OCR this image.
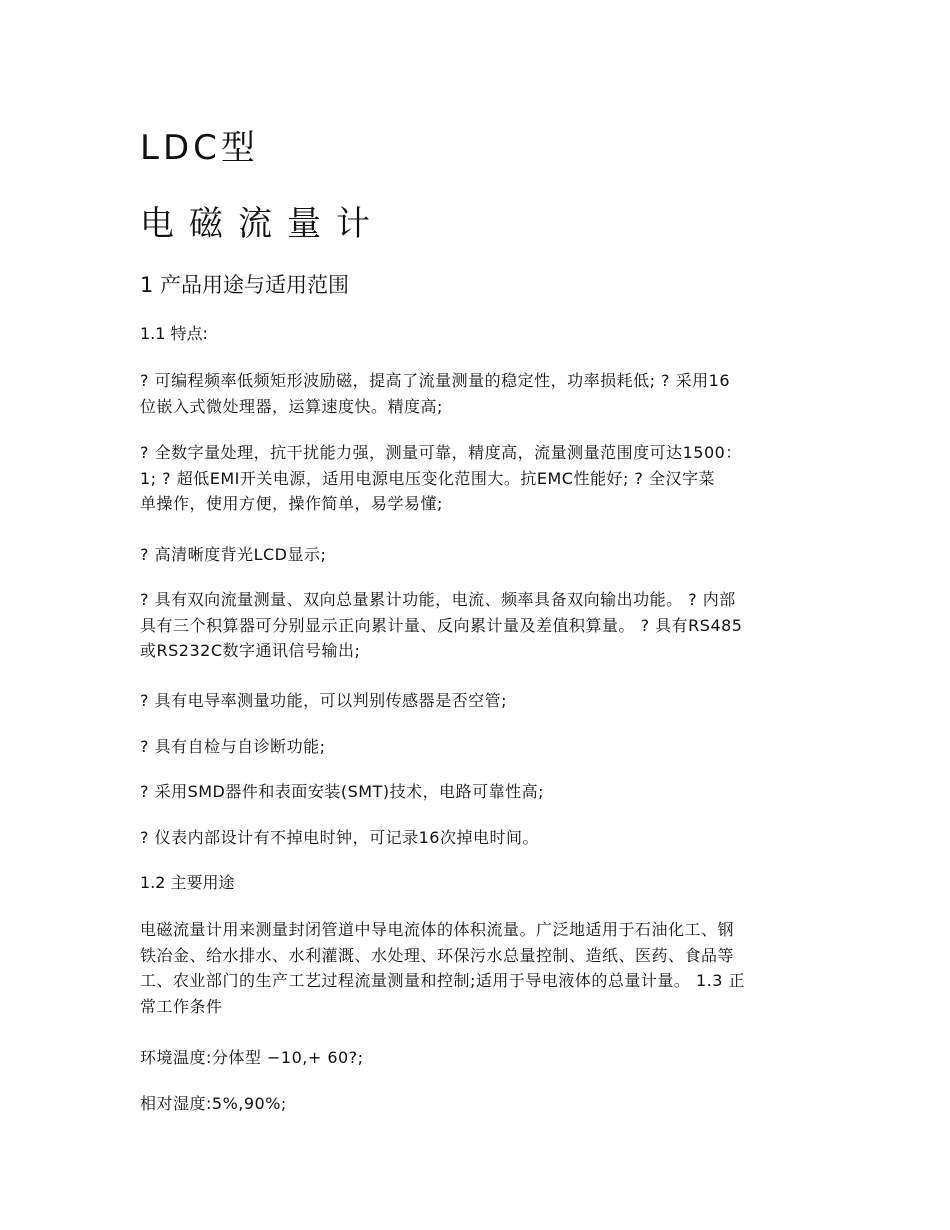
LDC型
电磁流量计
1 产品用途与适用范围
1.1 特点:
? 可编程频率低频矩形波励磁，提高了流量测量的稳定性，功率损耗低; ? 采用16
位嵌入式微处理器，运算速度快。精度高;
? 全数字量处理，抗干扰能力强，测量可靠，精度高，流量测量范围度可达1500：
1; ? 超低EMI开关电源，适用电源电压变化范围大。抗EMC性能好; ? 全汉字菜
单操作，使用方便，操作简单，易学易懂;
? 高清晰度背光LCD显示;
? 具有双向流量测量、双向总量累计功能，电流、频率具备双向输出功能。 ? 内部
具有三个积算器可分别显示正向累计量、反向累计量及差值积算量。 ? 具有RS485
或RS232C数字通讯信号输出;
? 具有电导率测量功能，可以判别传感器是否空管;
? 具有自检与自诊断功能;
? 采用SMD器件和表面安装(SMT)技术，电路可靠性高;
? 仪表内部设计有不掉电时钟，可记录16次掉电时间。
1.2 主要用途
电磁流量计用来测量封闭管道中导电流体的体积流量。广泛地适用于石油化工、钢
铁冶金、给水排水、水利灌溉、水处理、环保污水总量控制、造纸、医药、食品等
工、农业部门的生产工艺过程流量测量和控制;适用于导电液体的总量计量。 1.3 正
常工作条件
环境温度:分体型 −10,+ 60?;
相对湿度:5%,90%;
